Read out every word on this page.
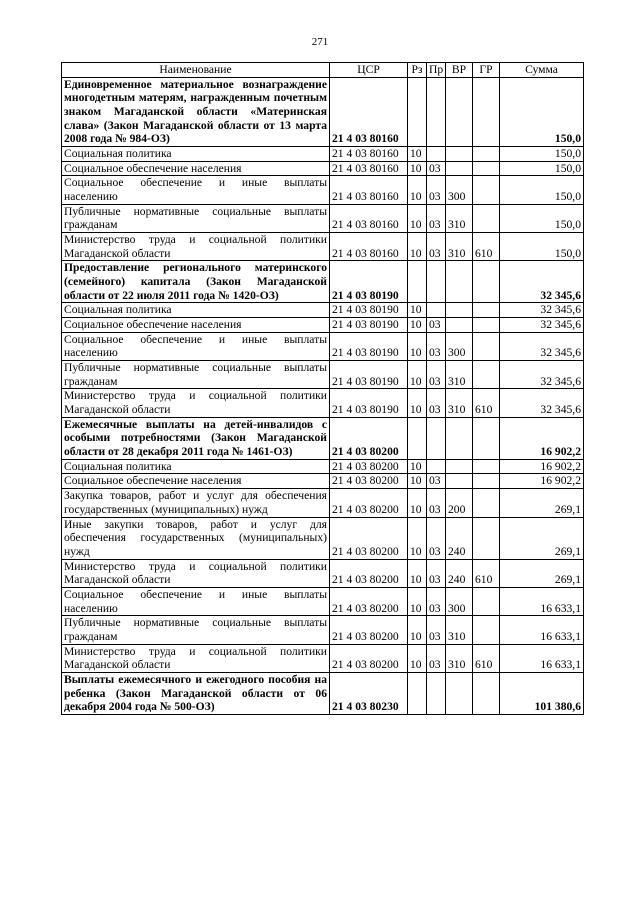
271
Наименование	ЦСР	Рз	Пр	ВР	ГР	Сумма
Единовременное материальное вознаграждение многодетным матерям, награжденным почетным знаком Магаданской области «Материнская слава» (Закон Магаданской области от 13 марта 2008 года № 984-ОЗ)	21 4 03 80160					150,0
Социальная политика	21 4 03 80160	10				150,0
Социальное обеспечение населения	21 4 03 80160	10	03			150,0
Социальное обеспечение и иные выплаты населению	21 4 03 80160	10	03	300		150,0
Публичные нормативные социальные выплаты гражданам	21 4 03 80160	10	03	310		150,0
Министерство труда и социальной политики Магаданской области	21 4 03 80160	10	03	310	610	150,0
Предоставление регионального материнского (семейного) капитала (Закон Магаданской области от 22 июля 2011 года № 1420-ОЗ)	21 4 03 80190					32 345,6
Социальная политика	21 4 03 80190	10				32 345,6
Социальное обеспечение населения	21 4 03 80190	10	03			32 345,6
Социальное обеспечение и иные выплаты населению	21 4 03 80190	10	03	300		32 345,6
Публичные нормативные социальные выплаты гражданам	21 4 03 80190	10	03	310		32 345,6
Министерство труда и социальной политики Магаданской области	21 4 03 80190	10	03	310	610	32 345,6
Ежемесячные выплаты на детей-инвалидов с особыми потребностями (Закон Магаданской области от 28 декабря 2011 года № 1461-ОЗ)	21 4 03 80200					16 902,2
Социальная политика	21 4 03 80200	10				16 902,2
Социальное обеспечение населения	21 4 03 80200	10	03			16 902,2
Закупка товаров, работ и услуг для обеспечения государственных (муниципальных) нужд	21 4 03 80200	10	03	200		269,1
Иные закупки товаров, работ и услуг для обеспечения государственных (муниципальных) нужд	21 4 03 80200	10	03	240		269,1
Министерство труда и социальной политики Магаданской области	21 4 03 80200	10	03	240	610	269,1
Социальное обеспечение и иные выплаты населению	21 4 03 80200	10	03	300		16 633,1
Публичные нормативные социальные выплаты гражданам	21 4 03 80200	10	03	310		16 633,1
Министерство труда и социальной политики Магаданской области	21 4 03 80200	10	03	310	610	16 633,1
Выплаты ежемесячного и ежегодного пособия на ребенка (Закон Магаданской области от 06 декабря 2004 года № 500-ОЗ)	21 4 03 80230					101 380,6
